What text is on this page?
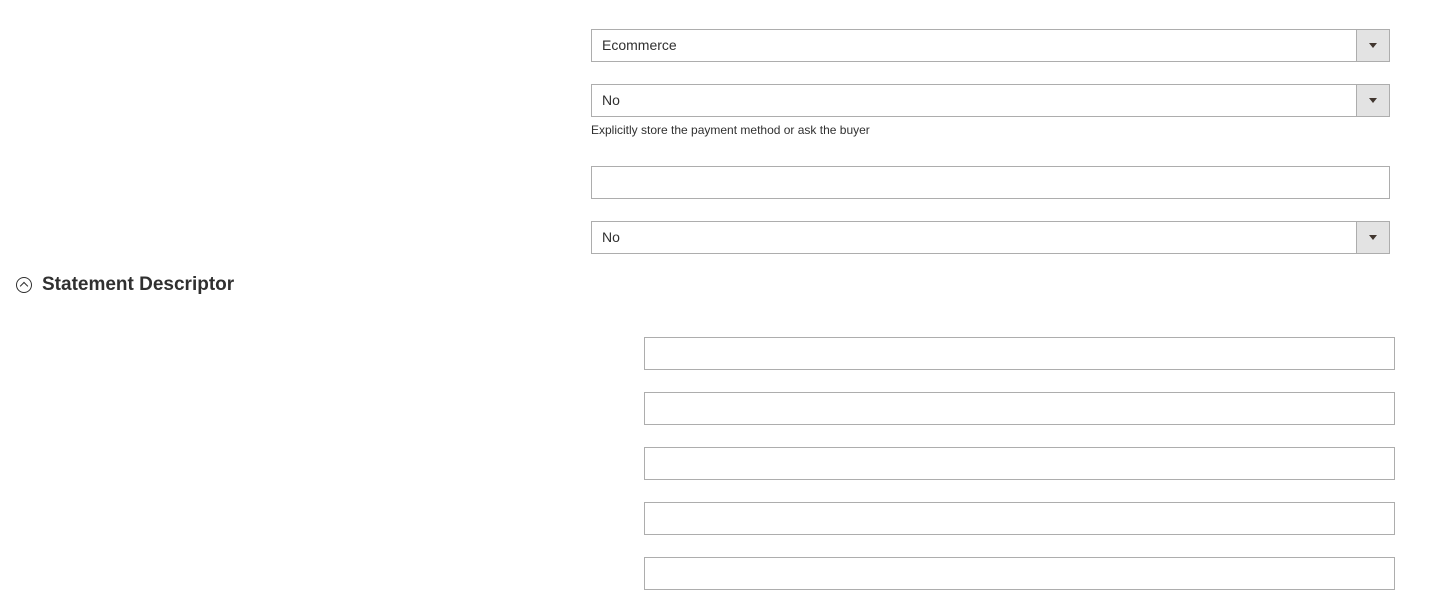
Ecommerce
No
Explicitly store the payment method or ask the buyer
No
Statement Descriptor
